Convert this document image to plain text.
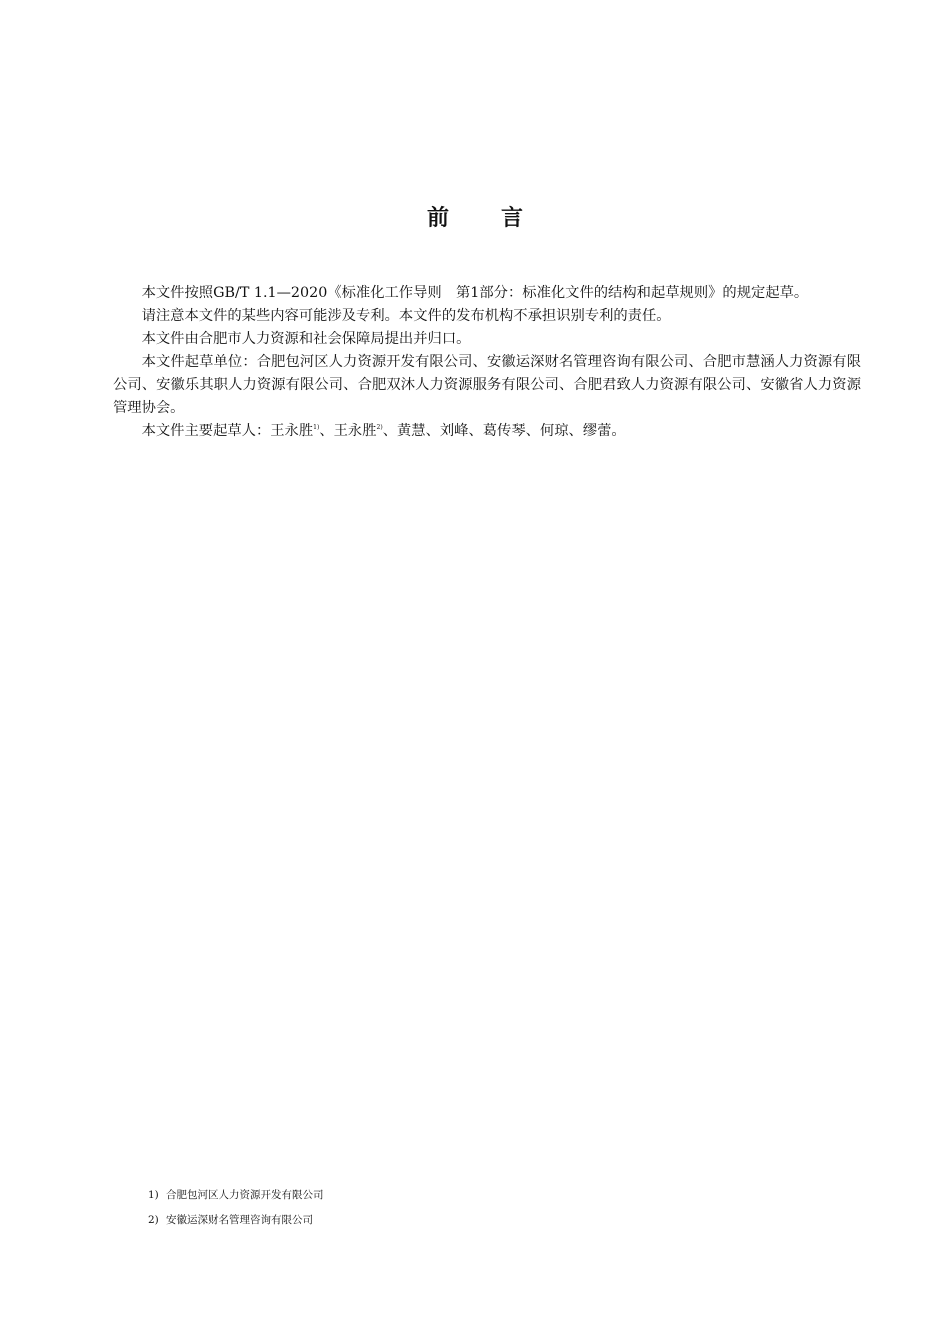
前 言

本文件按照GB/T 1.1—2020《标准化工作导则　第1部分：标准化文件的结构和起草规则》的规定起草。

请注意本文件的某些内容可能涉及专利。本文件的发布机构不承担识别专利的责任。

本文件由合肥市人力资源和社会保障局提出并归口。

本文件起草单位：合肥包河区人力资源开发有限公司、安徽运深财名管理咨询有限公司、合肥市慧涵人力资源有限公司、安徽乐其职人力资源有限公司、合肥双沐人力资源服务有限公司、合肥君致人力资源有限公司、安徽省人力资源管理协会。

本文件主要起草人：王永胜$^{1)}$、王永胜$^{2)}$、黄慧、刘峰、葛传琴、何琼、缪蕾。

1) 合肥包河区人力资源开发有限公司
2) 安徽运深财名管理咨询有限公司
